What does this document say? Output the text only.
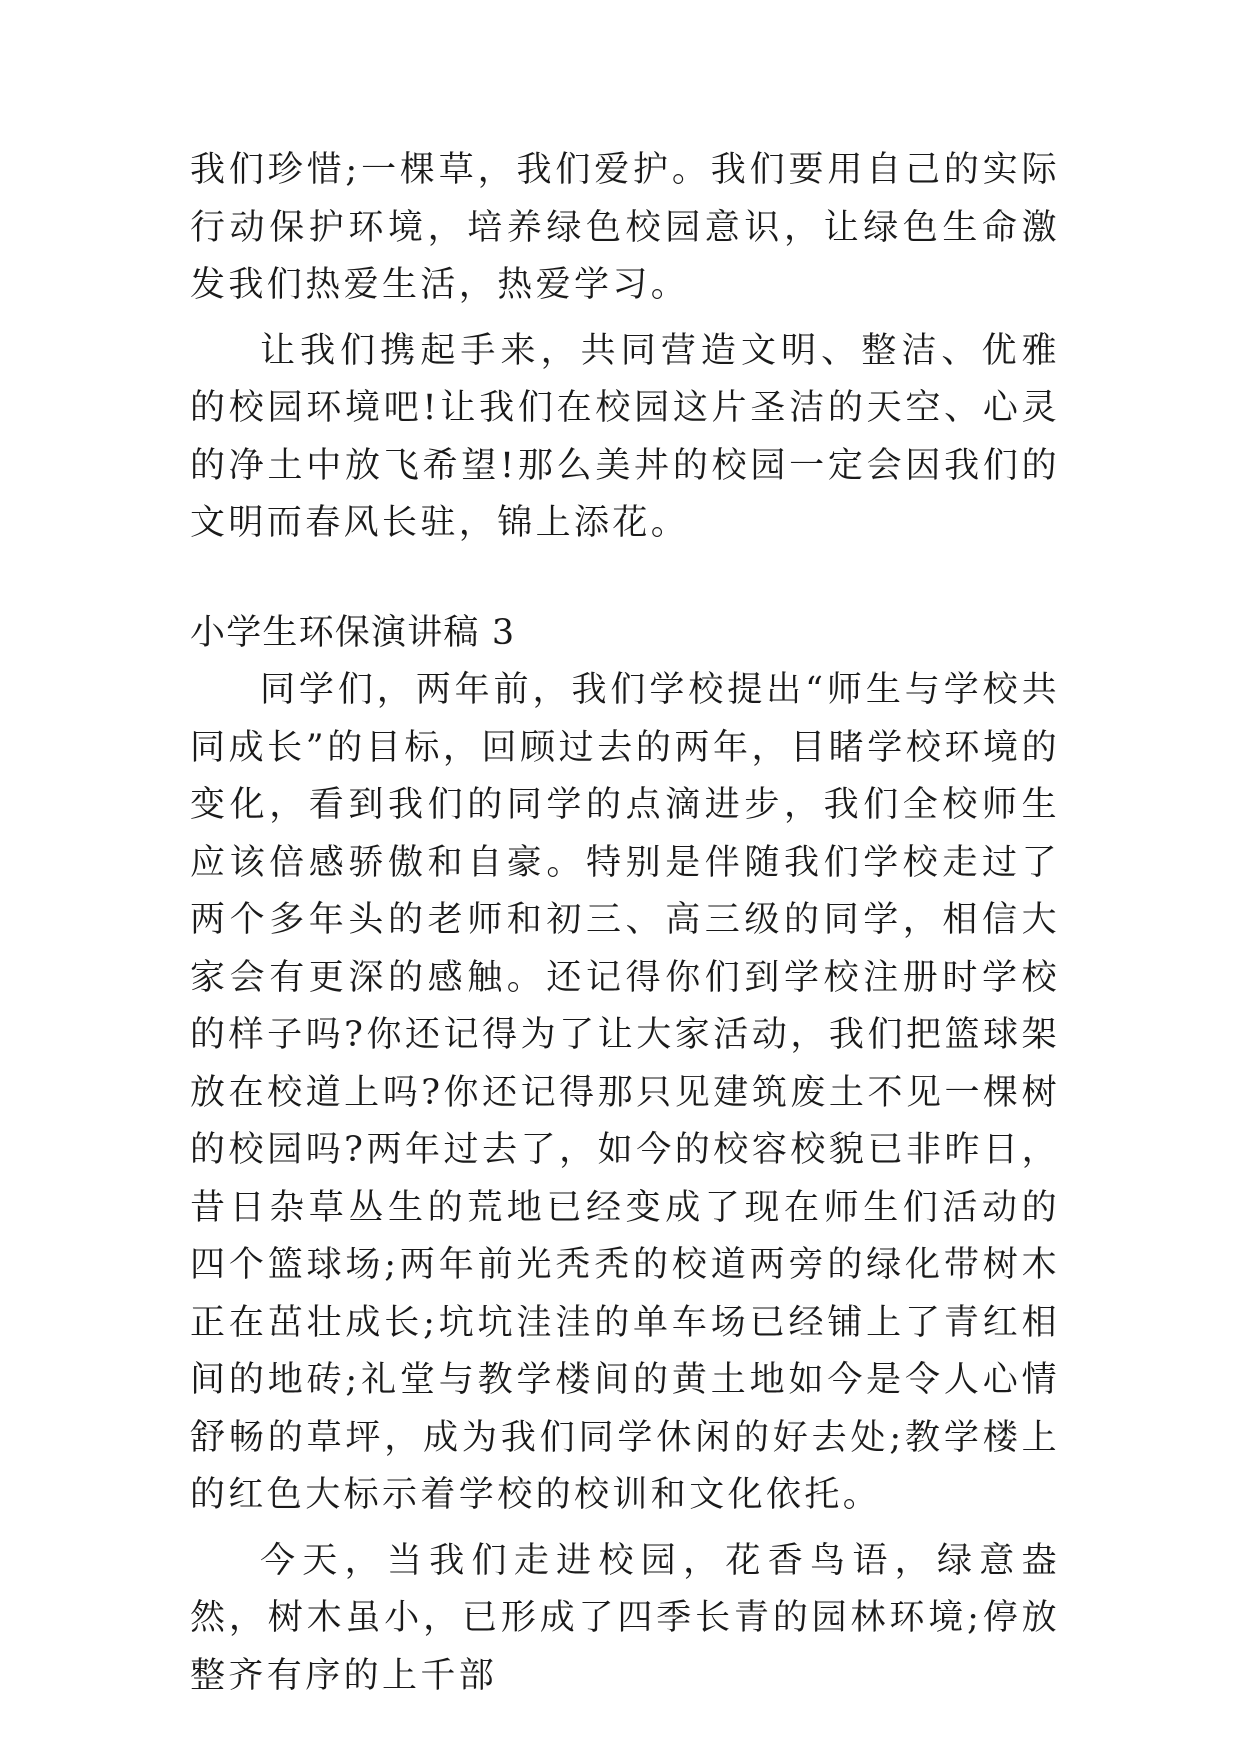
我们珍惜;一棵草，我们爱护。我们要用自己的实际行动保护环境，培养绿色校园意识，让绿色生命激发我们热爱生活，热爱学习。

让我们携起手来，共同营造文明、整洁、优雅的校园环境吧!让我们在校园这片圣洁的天空、心灵的净土中放飞希望!那么美丼的校园一定会因我们的文明而春风长驻，锦上添花。

小学生环保演讲稿 3

同学们，两年前，我们学校提出“师生与学校共同成长”的目标，回顾过去的两年，目睹学校环境的变化，看到我们的同学的点滴进步，我们全校师生应该倍感骄傲和自豪。特别是伴随我们学校走过了两个多年头的老师和初三、高三级的同学，相信大家会有更深的感触。还记得你们到学校注册时学校的样子吗?你还记得为了让大家活动，我们把篮球架放在校道上吗?你还记得那只见建筑废土不见一棵树的校园吗?两年过去了，如今的校容校貌已非昨日，昔日杂草丛生的荒地已经变成了现在师生们活动的四个篮球场;两年前光秃秃的校道两旁的绿化带树木正在茁壮成长;坑坑洼洼的单车场已经铺上了青红相间的地砖;礼堂与教学楼间的黄土地如今是令人心情舒畅的草坪，成为我们同学休闲的好去处;教学楼上的红色大标示着学校的校训和文化依托。

今天，当我们走进校园，花香鸟语，绿意盎然，树木虽小，已形成了四季长青的园林环境;停放整齐有序的上千部
